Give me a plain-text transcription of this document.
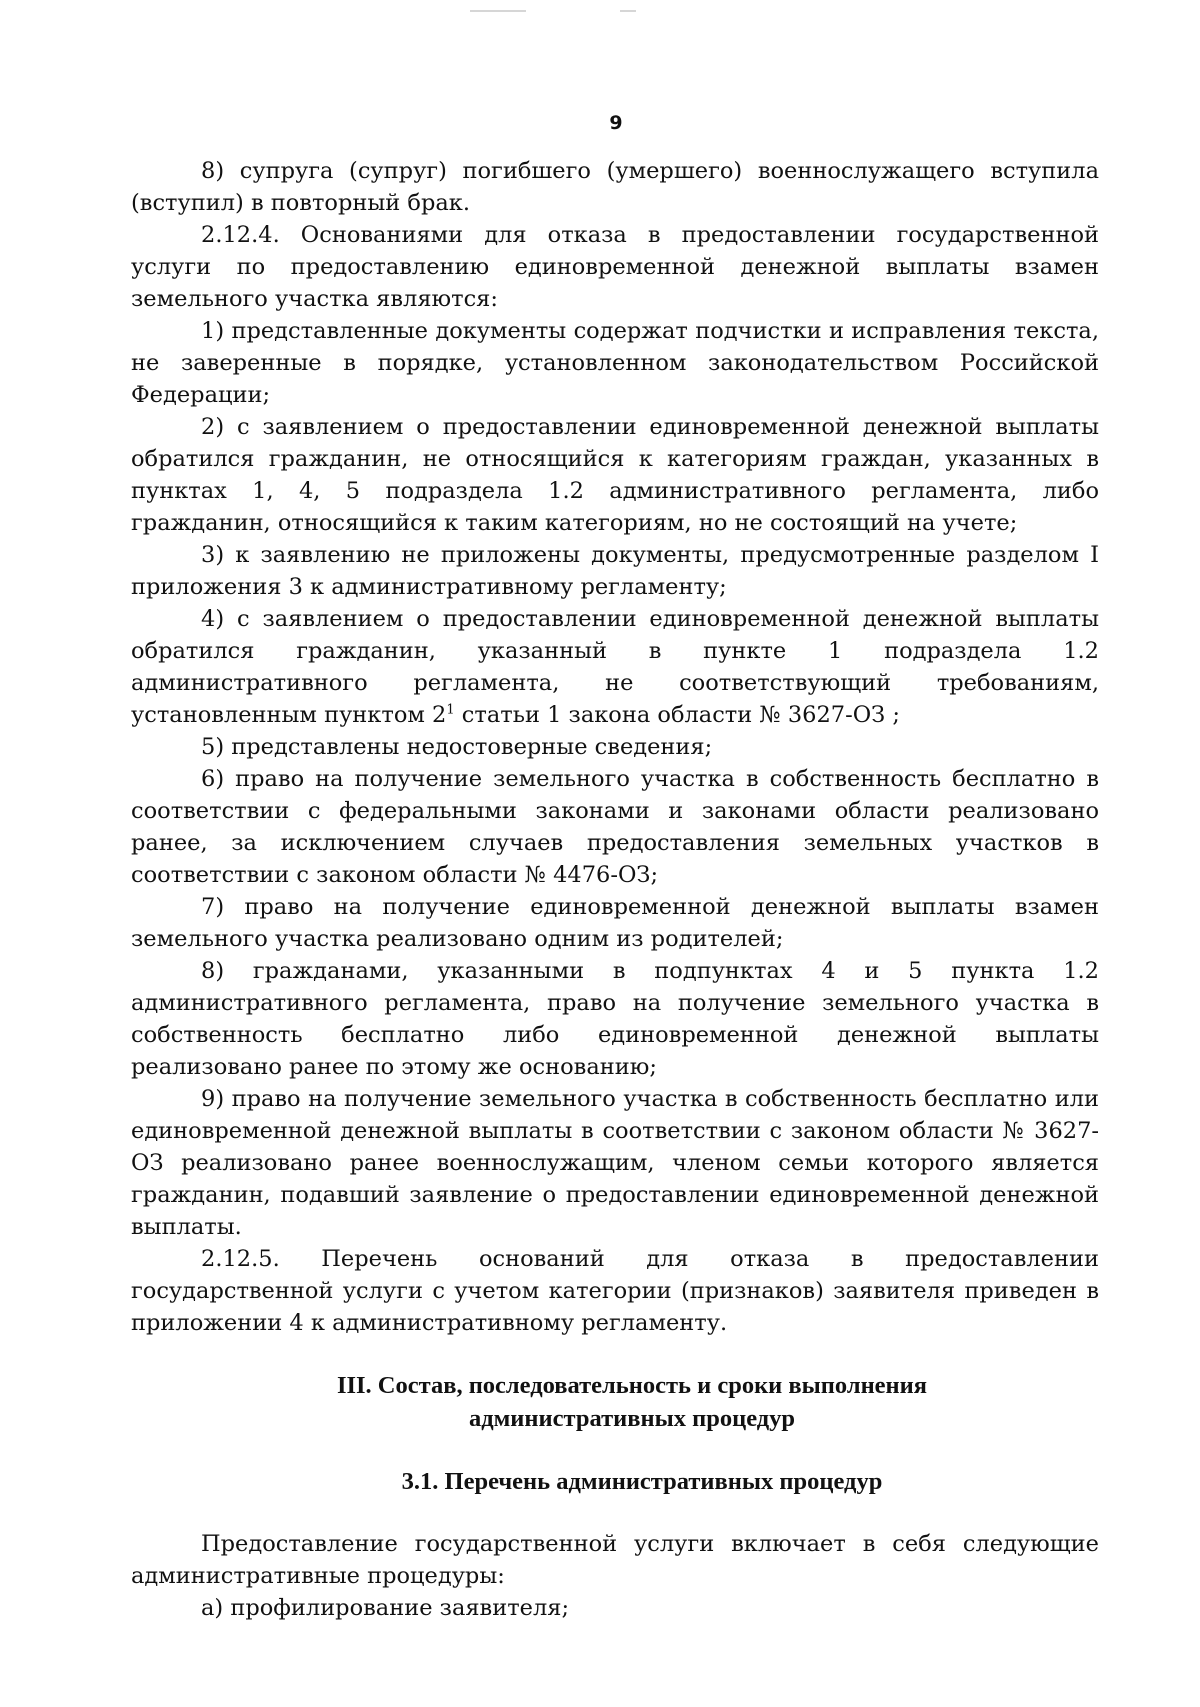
9

8) супруга (супруг) погибшего (умершего) военнослужащего вступила (вступил) в повторный брак.

2.12.4. Основаниями для отказа в предоставлении государственной услуги по предоставлению единовременной денежной выплаты взамен земельного участка являются:

1) представленные документы содержат подчистки и исправления текста, не заверенные в порядке, установленном законодательством Российской Федерации;

2) с заявлением о предоставлении единовременной денежной выплаты обратился гражданин, не относящийся к категориям граждан, указанных в пунктах 1, 4, 5 подраздела 1.2 административного регламента, либо гражданин, относящийся к таким категориям, но не состоящий на учете;

3) к заявлению не приложены документы, предусмотренные разделом I приложения 3 к административному регламенту;

4) с заявлением о предоставлении единовременной денежной выплаты обратился гражданин, указанный в пункте 1 подраздела 1.2 административного регламента, не соответствующий требованиям, установленным пунктом $2^1$ статьи 1 закона области № 3627-ОЗ ;

5) представлены недостоверные сведения;

6) право на получение земельного участка в собственность бесплатно в соответствии с федеральными законами и законами области реализовано ранее, за исключением случаев предоставления земельных участков в соответствии с законом области № 4476-ОЗ;

7) право на получение единовременной денежной выплаты взамен земельного участка реализовано одним из родителей;

8) гражданами, указанными в подпунктах 4 и 5 пункта 1.2 административного регламента, право на получение земельного участка в собственность бесплатно либо единовременной денежной выплаты реализовано ранее по этому же основанию;

9) право на получение земельного участка в собственность бесплатно или единовременной денежной выплаты в соответствии с законом области № 3627-ОЗ реализовано ранее военнослужащим, членом семьи которого является гражданин, подавший заявление о предоставлении единовременной денежной выплаты.

2.12.5. Перечень оснований для отказа в предоставлении государственной услуги с учетом категории (признаков) заявителя приведен в приложении 4 к административному регламенту.

III. Состав, последовательность и сроки выполнения
административных процедур
3.1. Перечень административных процедур

Предоставление государственной услуги включает в себя следующие административные процедуры:

а) профилирование заявителя;
